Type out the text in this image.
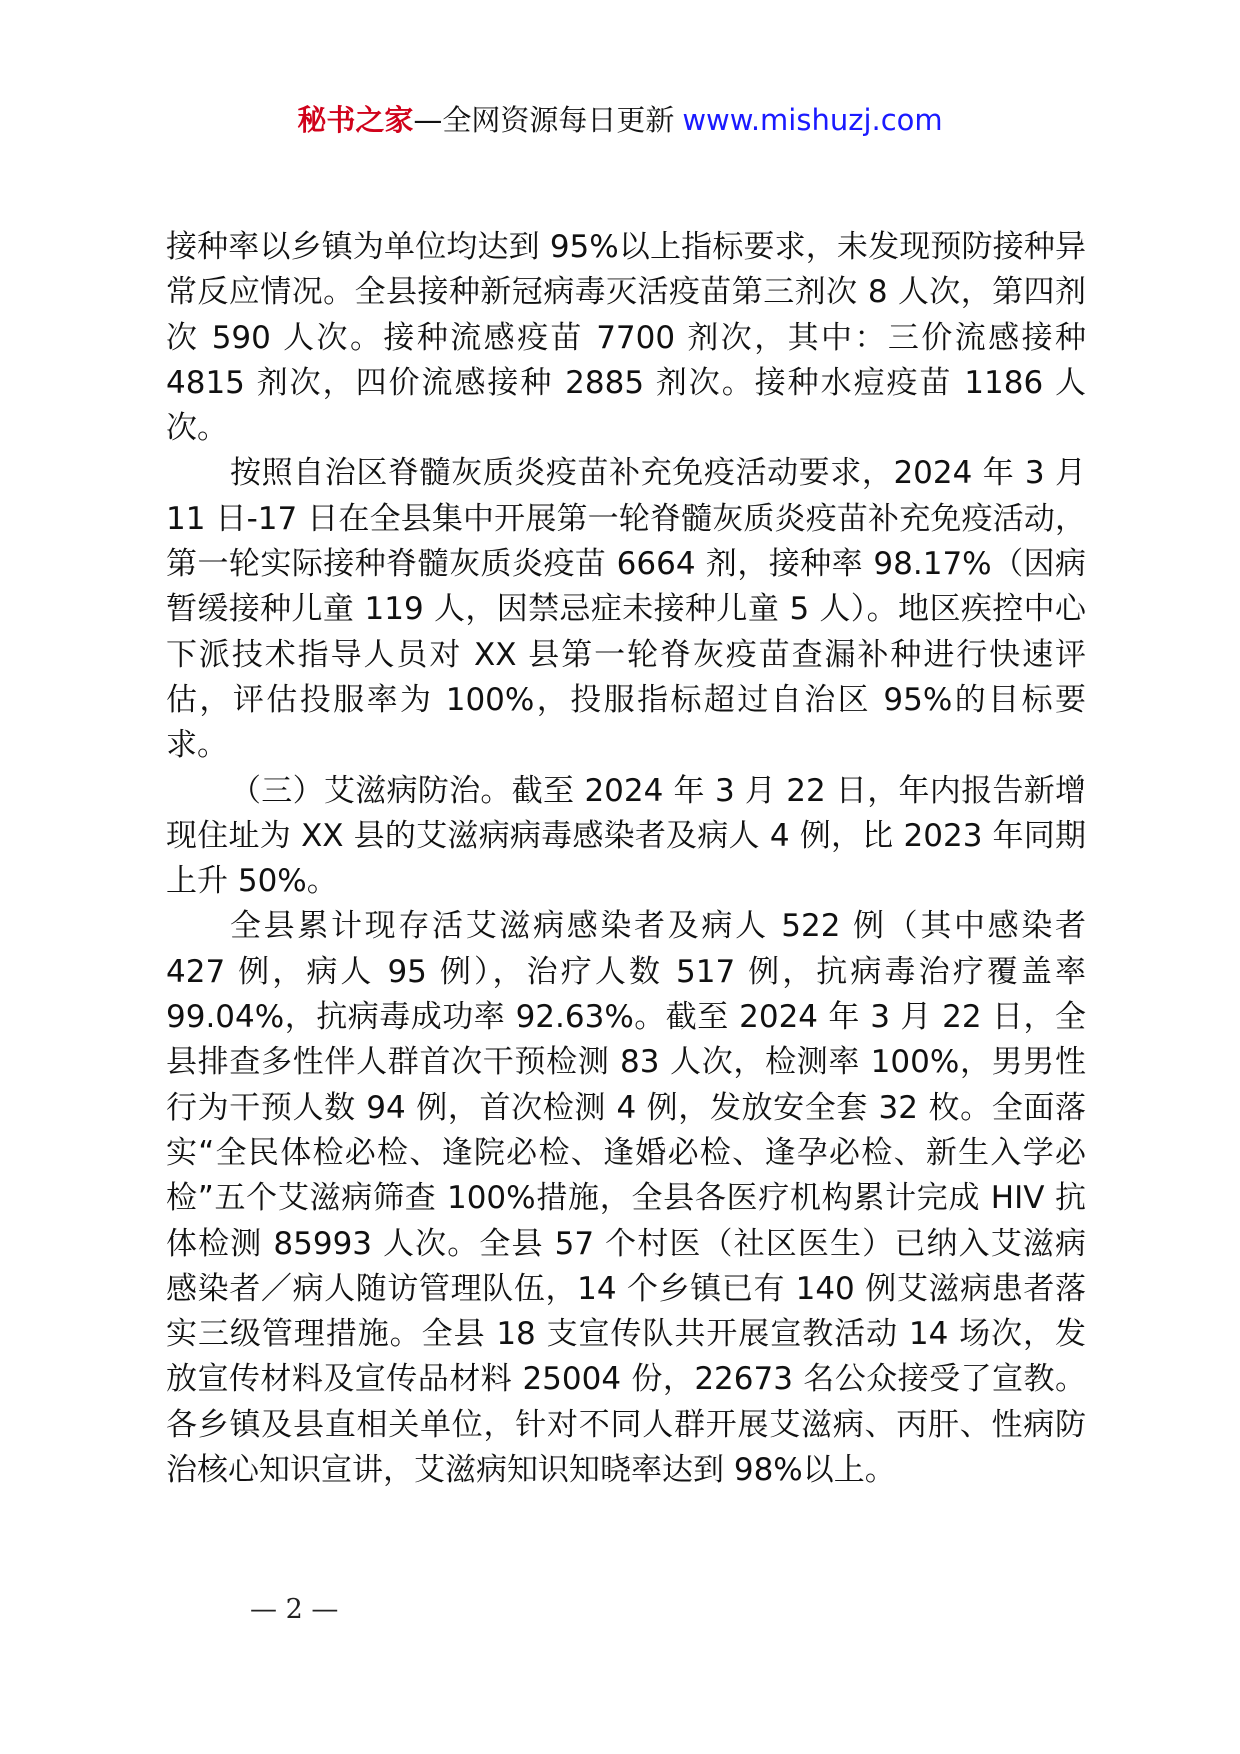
秘书之家—全网资源每日更新 www.mishuzj.com

接种率以乡镇为单位均达到 95%以上指标要求，未发现预防接种异常反应情况。全县接种新冠病毒灭活疫苗第三剂次 8 人次，第四剂次 590 人次。接种流感疫苗 7700 剂次，其中：三价流感接种 4815 剂次，四价流感接种 2885 剂次。接种水痘疫苗 1186 人次。

按照自治区脊髓灰质炎疫苗补充免疫活动要求，2024 年 3 月 11 日-17 日在全县集中开展第一轮脊髓灰质炎疫苗补充免疫活动，第一轮实际接种脊髓灰质炎疫苗 6664 剂，接种率 98.17%（因病暂缓接种儿童 119 人，因禁忌症未接种儿童 5 人）。地区疾控中心下派技术指导人员对 XX 县第一轮脊灰疫苗查漏补种进行快速评估，评估投服率为 100%，投服指标超过自治区 95%的目标要求。

（三）艾滋病防治。截至 2024 年 3 月 22 日，年内报告新增现住址为 XX 县的艾滋病病毒感染者及病人 4 例，比 2023 年同期上升 50%。

全县累计现存活艾滋病感染者及病人 522 例（其中感染者 427 例，病人 95 例），治疗人数 517 例，抗病毒治疗覆盖率 99.04%，抗病毒成功率 92.63%。截至 2024 年 3 月 22 日，全县排查多性伴人群首次干预检测 83 人次，检测率 100%，男男性行为干预人数 94 例，首次检测 4 例，发放安全套 32 枚。全面落实“全民体检必检、逢院必检、逢婚必检、逢孕必检、新生入学必检”五个艾滋病筛查 100%措施，全县各医疗机构累计完成 HIV 抗体检测 85993 人次。全县 57 个村医（社区医生）已纳入艾滋病感染者／病人随访管理队伍，14 个乡镇已有 140 例艾滋病患者落实三级管理措施。全县 18 支宣传队共开展宣教活动 14 场次，发放宣传材料及宣传品材料 25004 份，22673 名公众接受了宣教。各乡镇及县直相关单位，针对不同人群开展艾滋病、丙肝、性病防治核心知识宣讲，艾滋病知识知晓率达到 98%以上。

— 2 —
